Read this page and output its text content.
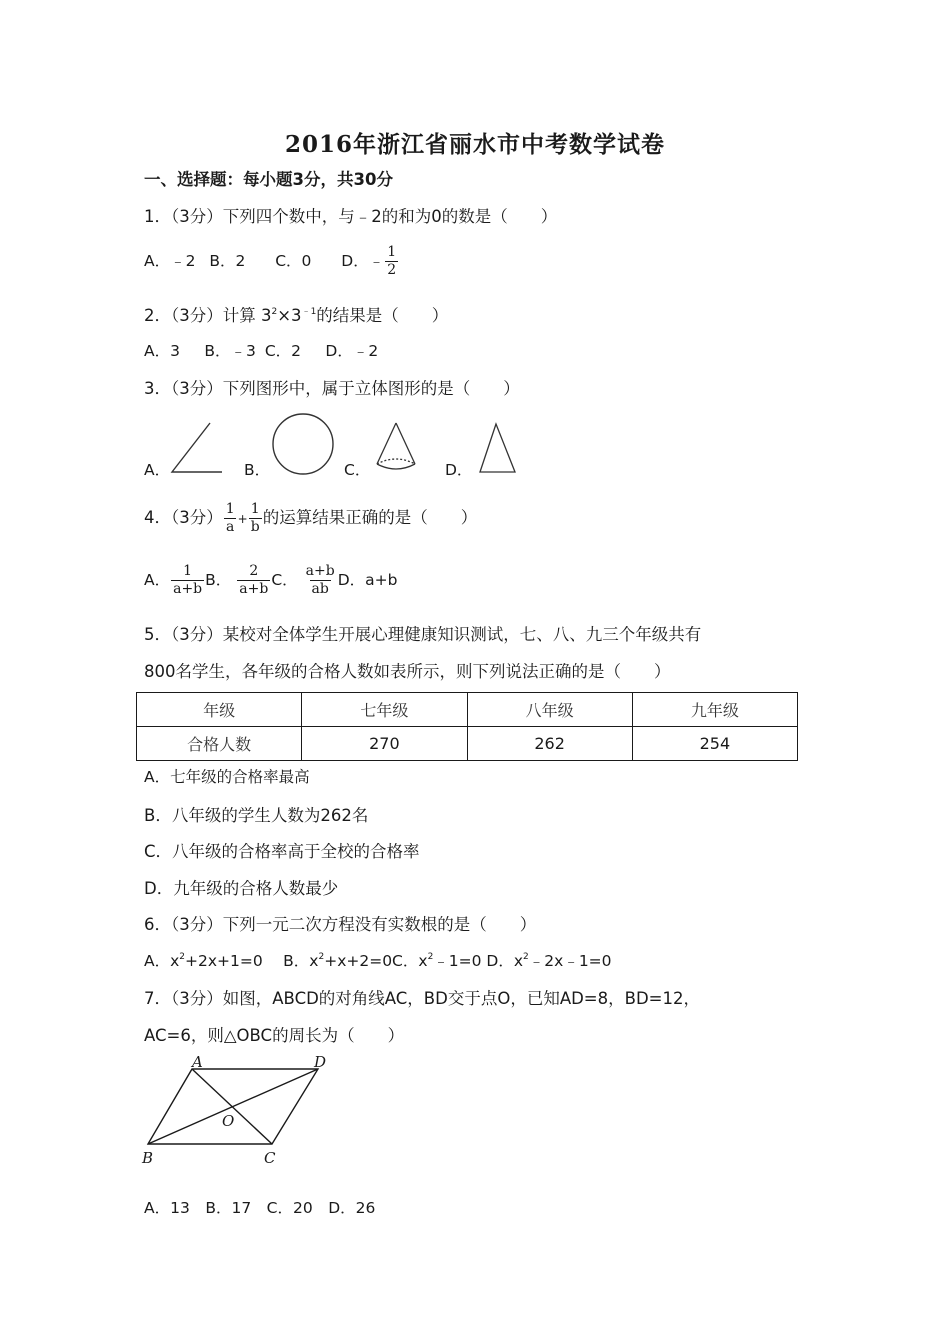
2016年浙江省丽水市中考数学试卷
一、选择题：每小题3分，共30分
1．（3分）下列四个数中，与﹣2的和为0的数是（　　）
A．﹣2 B．2 C．0 D．﹣ $\frac{1}{2}$
2．（3分）计算 $3^2\times 3^{﹣1}$的结果是（　　）
A．3　 B．﹣3 C．2　 D．﹣2
3．（3分）下列图形中，属于立体图形的是（　　）
A．	B．	C．	D．
4．（3分） $\frac{1}{a} + \frac{1}{b}$ 的运算结果正确的是（　　）
A． $\frac{1}{a+b}$ B． $\frac{2}{a+b}$ C． $\frac{a+b}{ab}$ D．a+b
5．（3分）某校对全体学生开展心理健康知识测试，七、八、九三个年级共有
800名学生，各年级的合格人数如表所示，则下列说法正确的是（　　）
年级	七年级	八年级	九年级
合格人数	270	262	254
A．七年级的合格率最高
B．八年级的学生人数为262名
C．八年级的合格率高于全校的合格率
D．九年级的合格人数最少
6．（3分）下列一元二次方程没有实数根的是（　　）
A．$x^2+2x+1=0$　 B．$x^2+x+2=0C$．$x^2﹣1=0$ D．$x^2﹣2x﹣1=0$
7．（3分）如图，ABCD的对角线AC，BD交于点O，已知AD=8，BD=12，
AC=6，则△OBC的周长为（　　）
A	D
O
B	C
A．13　B．17　C．20　D．26
